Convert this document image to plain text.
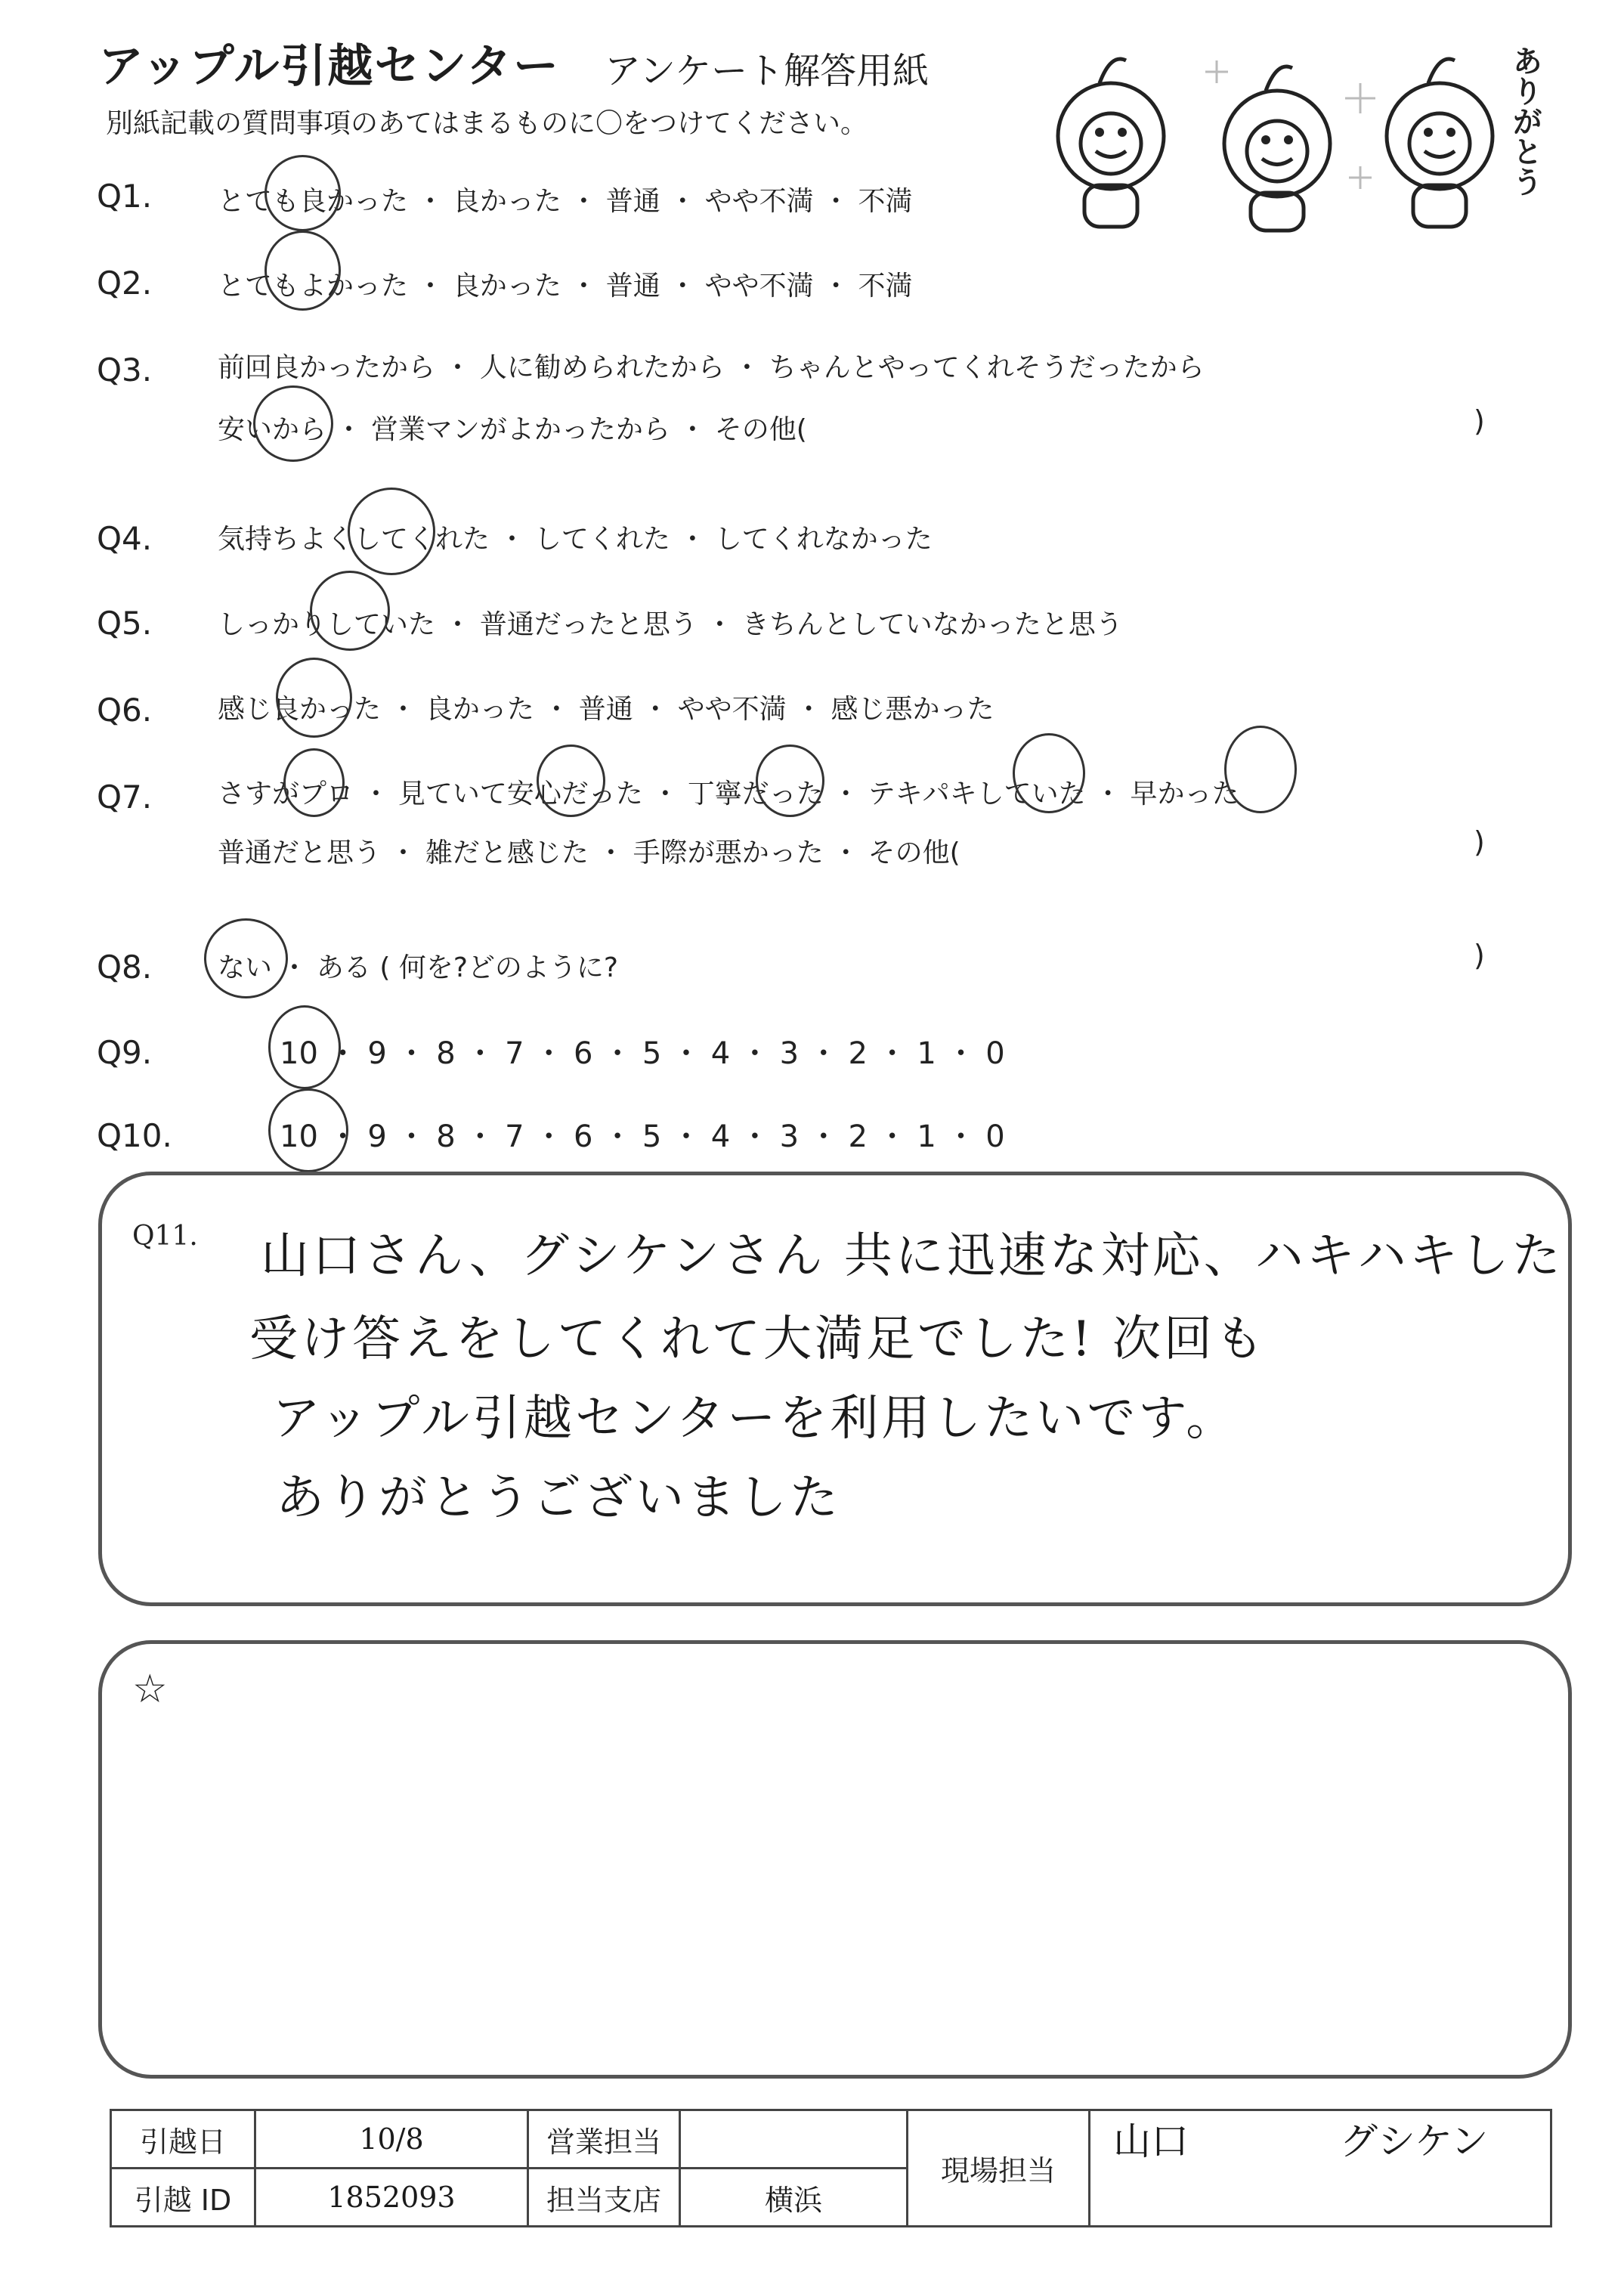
アップル引越センター アンケート解答用紙
別紙記載の質問事項のあてはまるものに〇をつけてください。	ありがとう
Q1. とても良かった ・ 良かった ・ 普通 ・ やや不満 ・ 不満
Q2. とてもよかった ・ 良かった ・ 普通 ・ やや不満 ・ 不満
Q3. 前回良かったから ・ 人に勧められたから ・ ちゃんとやってくれそうだったから
安いから ・ 営業マンがよかったから ・ その他(	)
Q4. 気持ちよくしてくれた ・ してくれた ・ してくれなかった
Q5. しっかりしていた ・ 普通だったと思う ・ きちんとしていなかったと思う
Q6. 感じ良かった ・ 良かった ・ 普通 ・ やや不満 ・ 感じ悪かった
Q7. さすがプロ ・ 見ていて安心だった ・ 丁寧だった ・ テキパキしていた ・ 早かった
普通だと思う ・ 雑だと感じた ・ 手際が悪かった ・ その他(	)
Q8. ない ・ ある ( 何を?どのように?	)
Q9.	10 ・ 9 ・ 8 ・ 7 ・ 6 ・ 5 ・ 4 ・ 3 ・ 2 ・ 1 ・ 0
Q10.	10 ・ 9 ・ 8 ・ 7 ・ 6 ・ 5 ・ 4 ・ 3 ・ 2 ・ 1 ・ 0
Q11. 山口さん、グシケンさん 共に迅速な対応、ハキハキした
受け答えをしてくれて大満足でした! 次回も
アップル引越センターを利用したいです。
ありがとうございました
☆
引越日	10/8	営業担当		現場担当	山口 グシケン

引越 ID	1852093	担当支店	横浜		
